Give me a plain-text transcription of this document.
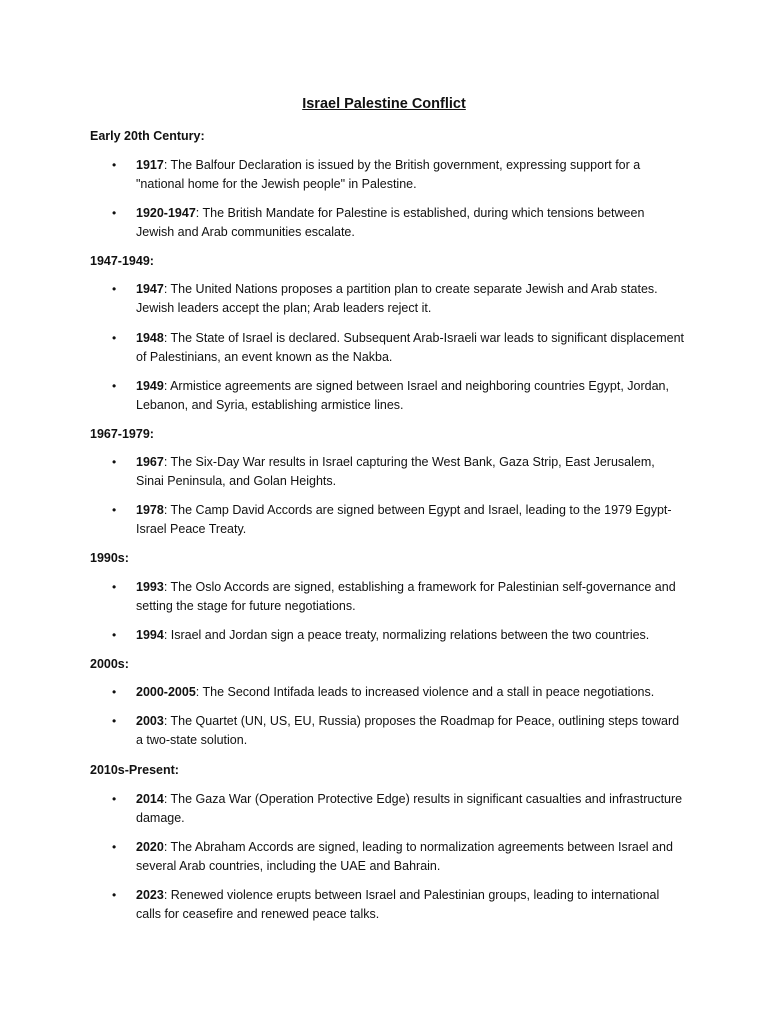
Israel Palestine Conflict
Early 20th Century:
•	1917: The Balfour Declaration is issued by the British government, expressing support for a "national home for the Jewish people" in Palestine.
•	1920-1947: The British Mandate for Palestine is established, during which tensions between Jewish and Arab communities escalate.
1947-1949:
•	1947: The United Nations proposes a partition plan to create separate Jewish and Arab states. Jewish leaders accept the plan; Arab leaders reject it.
•	1948: The State of Israel is declared. Subsequent Arab-Israeli war leads to significant displacement of Palestinians, an event known as the Nakba.
•	1949: Armistice agreements are signed between Israel and neighboring countries Egypt, Jordan, Lebanon, and Syria, establishing armistice lines.
1967-1979:
•	1967: The Six-Day War results in Israel capturing the West Bank, Gaza Strip, East Jerusalem, Sinai Peninsula, and Golan Heights.
•	1978: The Camp David Accords are signed between Egypt and Israel, leading to the 1979 Egypt-Israel Peace Treaty.
1990s:
•	1993: The Oslo Accords are signed, establishing a framework for Palestinian self-governance and setting the stage for future negotiations.
•	1994: Israel and Jordan sign a peace treaty, normalizing relations between the two countries.
2000s:
•	2000-2005: The Second Intifada leads to increased violence and a stall in peace negotiations.
•	2003: The Quartet (UN, US, EU, Russia) proposes the Roadmap for Peace, outlining steps toward a two-state solution.
2010s-Present:
•	2014: The Gaza War (Operation Protective Edge) results in significant casualties and infrastructure damage.
•	2020: The Abraham Accords are signed, leading to normalization agreements between Israel and several Arab countries, including the UAE and Bahrain.
•	2023: Renewed violence erupts between Israel and Palestinian groups, leading to international calls for ceasefire and renewed peace talks.
